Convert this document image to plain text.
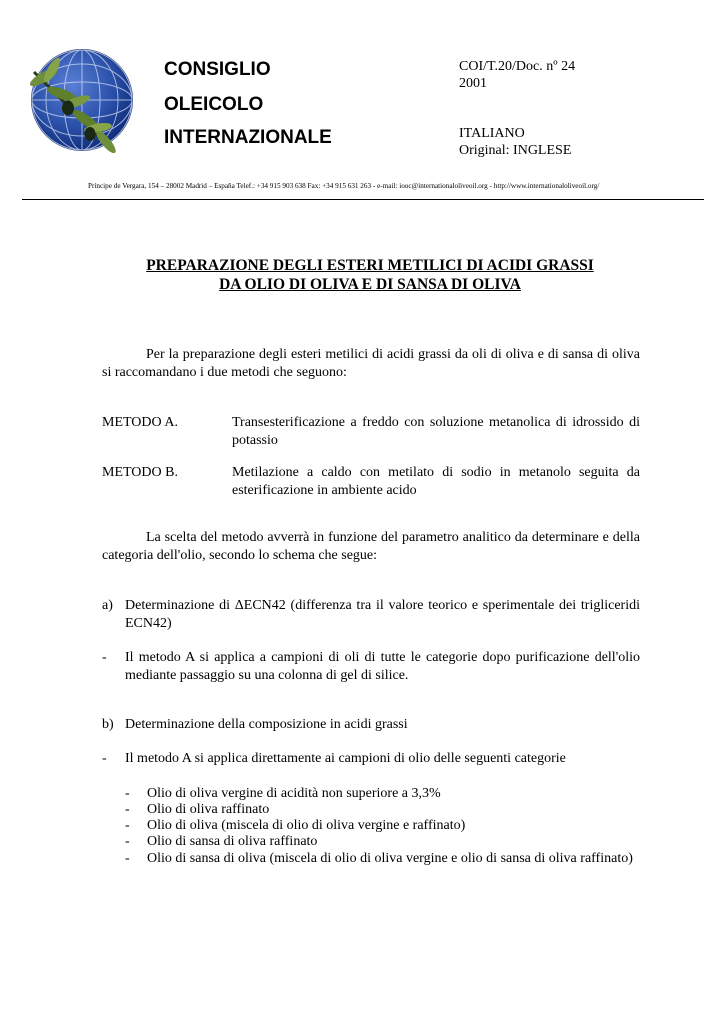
CONSIGLIO
OLEICOLO
INTERNAZIONALE
COI/T.20/Doc. nº 24
2001
ITALIANO
Original: INGLESE
Príncipe de Vergara, 154 – 28002 Madrid – España Telef.: +34 915 903 638 Fax: +34 915 631 263 - e-mail: iooc@internationaloliveoil.org - http://www.internationaloliveoil.org/
PREPARAZIONE DEGLI ESTERI METILICI DI ACIDI GRASSI
DA OLIO DI OLIVA E DI SANSA DI OLIVA
Per la preparazione degli esteri metilici di acidi grassi da oli di oliva e di sansa di oliva si raccomandano i due metodi che seguono:
METODO A.	Transesterificazione a freddo con soluzione metanolica di idrossido di potassio
METODO B.	Metilazione a caldo con metilato di sodio in metanolo seguita da esterificazione in ambiente acido
La scelta del metodo avverrà in funzione del parametro analitico da determinare e della categoria dell'olio, secondo lo schema che segue:
a) Determinazione di ΔECN42 (differenza tra il valore teorico e sperimentale dei trigliceridi ECN42)
- Il metodo A si applica a campioni di oli di tutte le categorie dopo purificazione dell'olio mediante passaggio su una colonna di gel di silice.
b) Determinazione della composizione in acidi grassi
- Il metodo A si applica direttamente ai campioni di olio delle seguenti categorie
- Olio di oliva vergine di acidità non superiore a 3,3%
- Olio di oliva raffinato
- Olio di oliva (miscela di olio di oliva vergine e raffinato)
- Olio di sansa di oliva raffinato
- Olio di sansa di oliva (miscela di olio di oliva vergine e olio di sansa di oliva raffinato)
